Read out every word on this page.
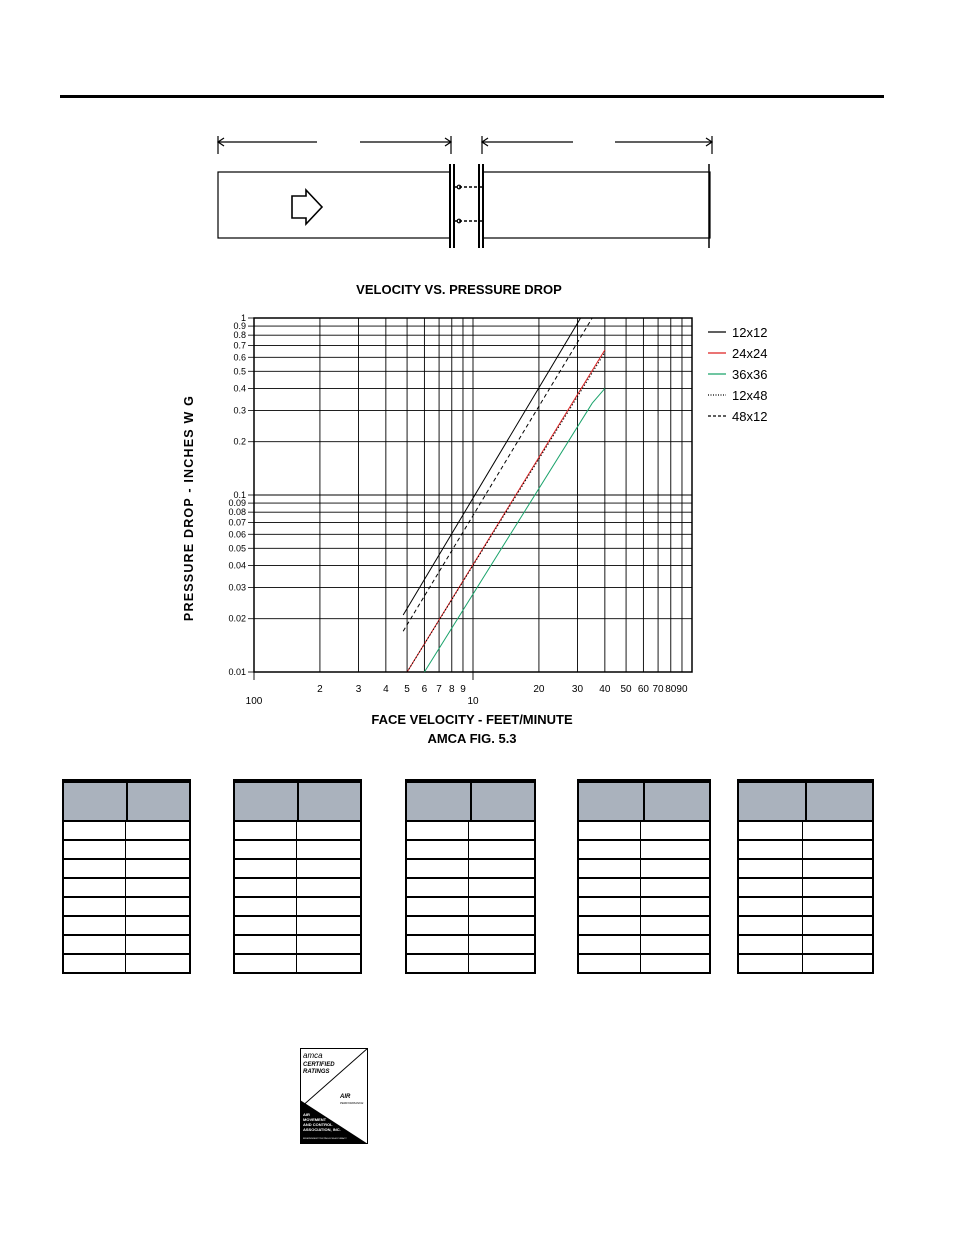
VELOCITY VS. PRESSURE DROP
PRESSURE DROP - INCHES W G
FACE VELOCITY - FEET/MINUTE
AMCA FIG. 5.3
0.01
0.02
0.03
0.04
0.05
0.06
0.07
0.08
0.09
0.1
0.2
0.3
0.4
0.5
0.6
0.7
0.8
0.9
1
100
2	3 4 5 6 7 8 9
10
20	30 40 50 60 70 80 90
12x12
24x24
36x36
12x48
48x12
amca
CERTIFIED
RATINGS
AIR
PERFORMANCE
AIR
MOVEMENT
AND CONTROL
ASSOCIATION, INC.
INDEPENDENT TESTING FOR ACCURACY
